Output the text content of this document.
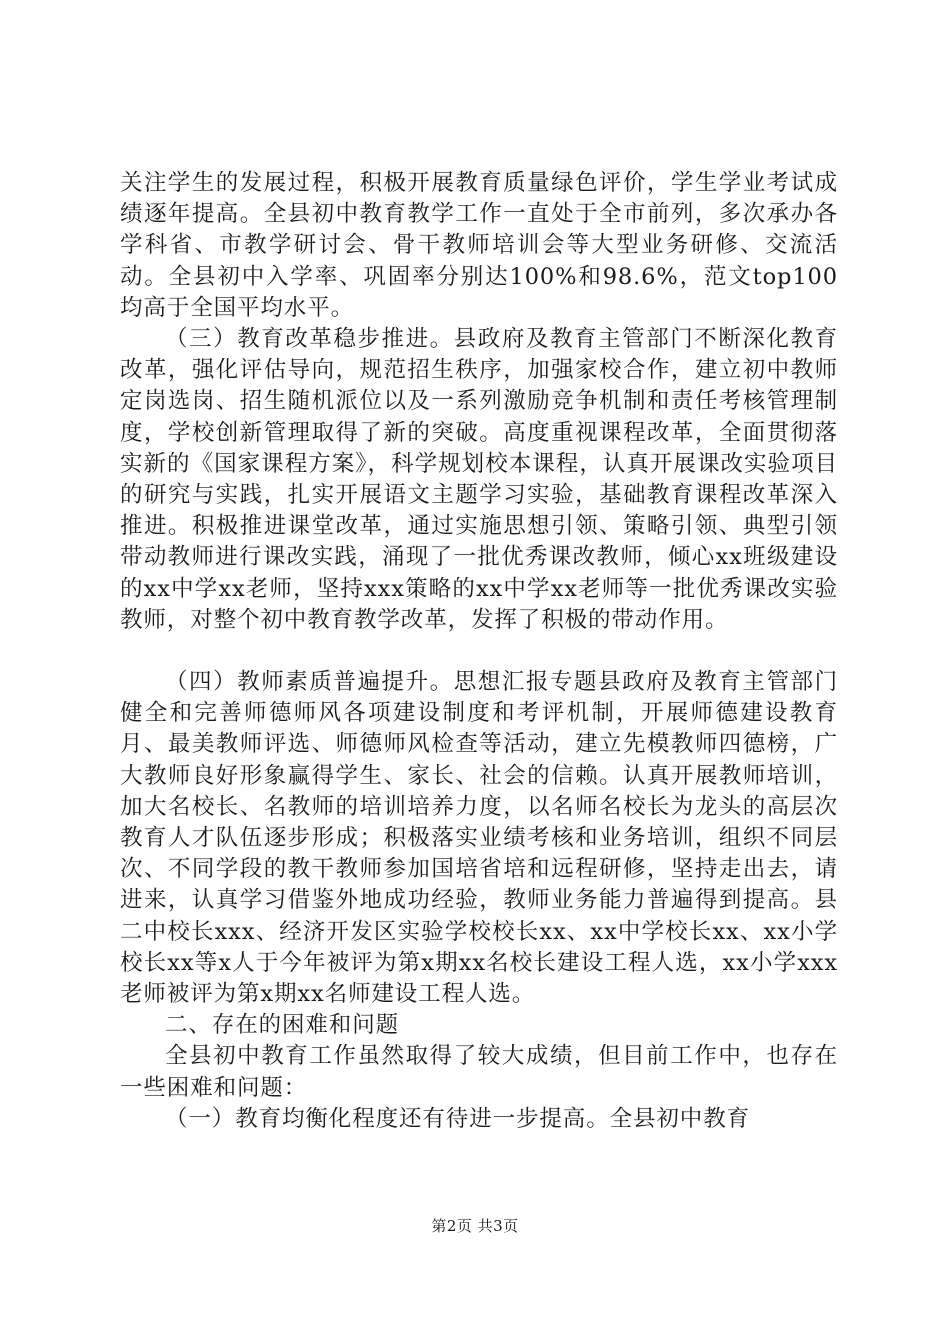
关注学生的发展过程，积极开展教育质量绿色评价，学生学业考试成绩逐年提高。全县初中教育教学工作一直处于全市前列，多次承办各学科省、市教学研讨会、骨干教师培训会等大型业务研修、交流活动。全县初中入学率、巩固率分别达100%和98.6%，范文top100均高于全国平均水平。

（三）教育改革稳步推进。县政府及教育主管部门不断深化教育改革，强化评估导向，规范招生秩序，加强家校合作，建立初中教师定岗选岗、招生随机派位以及一系列激励竞争机制和责任考核管理制度，学校创新管理取得了新的突破。高度重视课程改革，全面贯彻落实新的《国家课程方案》，科学规划校本课程，认真开展课改实验项目的研究与实践，扎实开展语文主题学习实验，基础教育课程改革深入推进。积极推进课堂改革，通过实施思想引领、策略引领、典型引领带动教师进行课改实践，涌现了一批优秀课改教师，倾心xx班级建设的xx中学xx老师，坚持xxx策略的xx中学xx老师等一批优秀课改实验教师，对整个初中教育教学改革，发挥了积极的带动作用。

（四）教师素质普遍提升。思想汇报专题县政府及教育主管部门健全和完善师德师风各项建设制度和考评机制，开展师德建设教育月、最美教师评选、师德师风检查等活动，建立先模教师四德榜，广大教师良好形象赢得学生、家长、社会的信赖。认真开展教师培训，加大名校长、名教师的培训培养力度，以名师名校长为龙头的高层次教育人才队伍逐步形成；积极落实业绩考核和业务培训，组织不同层次、不同学段的教干教师参加国培省培和远程研修，坚持走出去，请进来，认真学习借鉴外地成功经验，教师业务能力普遍得到提高。县二中校长xxx、经济开发区实验学校校长xx、xx中学校长xx、xx小学校长xx等x人于今年被评为第x期xx名校长建设工程人选，xx小学xxx老师被评为第x期xx名师建设工程人选。

二、存在的困难和问题

全县初中教育工作虽然取得了较大成绩，但目前工作中，也存在一些困难和问题：

（一）教育均衡化程度还有待进一步提高。全县初中教育

第2页 共3页
